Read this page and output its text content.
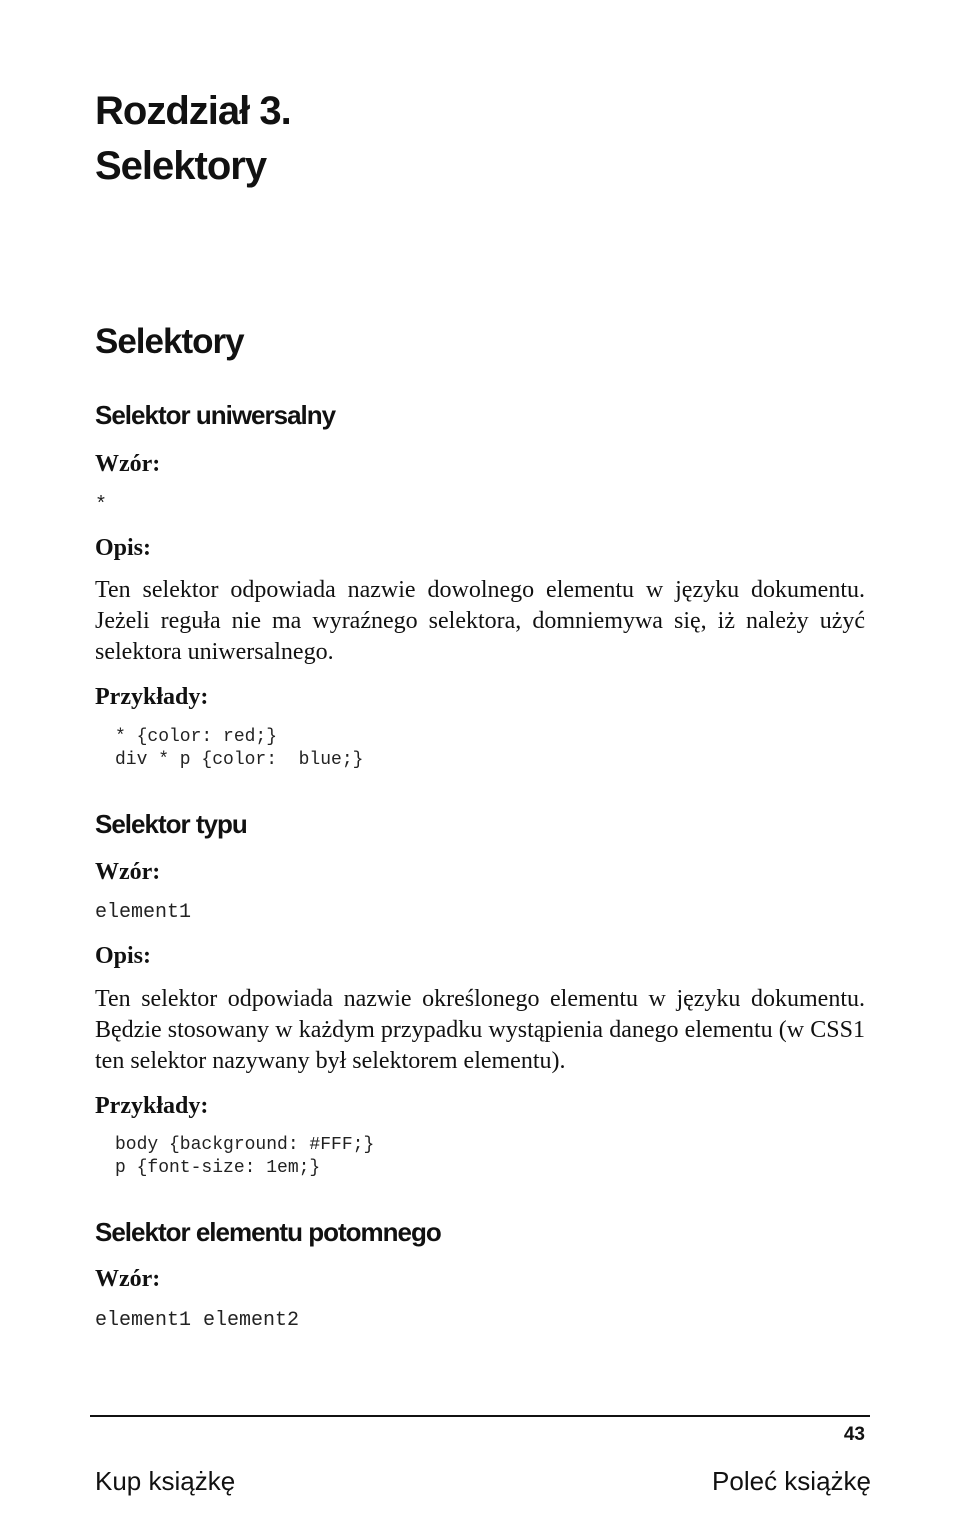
Rozdział 3.
Selektory
Selektory
Selektor uniwersalny
Wzór:
*
Opis:

Ten selektor odpowiada nazwie dowolnego elementu w języku dokumentu. Jeżeli reguła nie ma wyraźnego selektora, domniemywa się, iż należy użyć selektora uniwersalnego.

Przykłady:
* {color: red;}
div * p {color:  blue;}
Selektor typu
Wzór:
element1
Opis:

Ten selektor odpowiada nazwie określonego elementu w języku dokumentu. Będzie stosowany w każdym przypadku wystąpienia danego elementu (w CSS1 ten selektor nazywany był selektorem elementu).

Przykłady:
body {background: #FFF;}
p {font-size: 1em;}
Selektor elementu potomnego
Wzór:
element1 element2
43
Kup książkę	Poleć książkę
